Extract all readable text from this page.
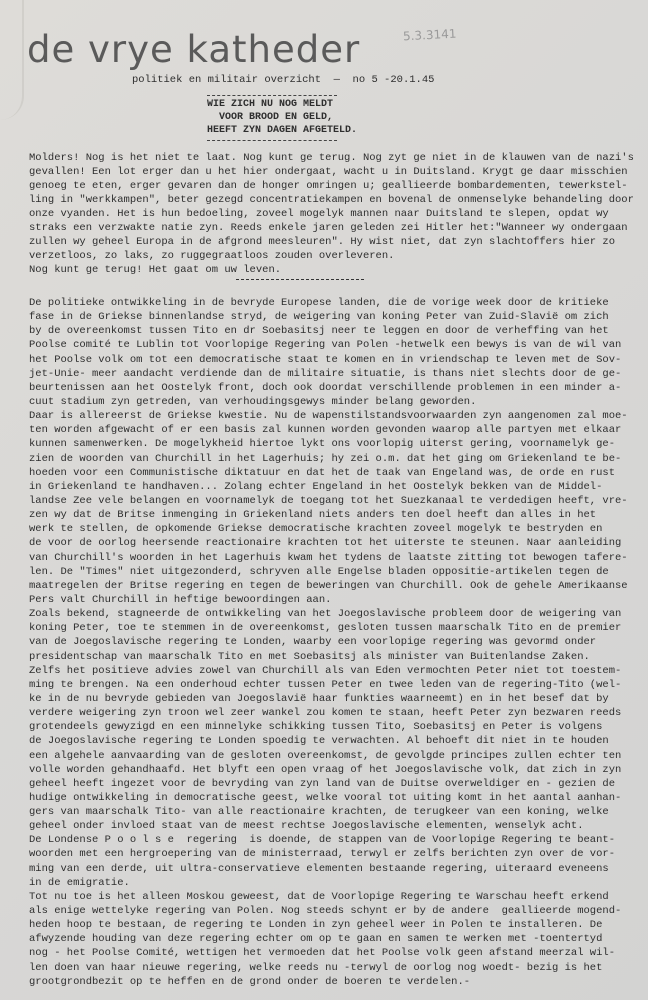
de vrye katheder	5.3.3141
politiek en militair overzicht  —  no 5 -20.1.45
WIE ZICH NU NOG MELDT
VOOR BROOD EN GELD,
HEEFT ZYN DAGEN AFGETELD.
Molders! Nog is het niet te laat. Nog kunt ge terug. Nog zyt ge niet in de klauwen van de nazi's
gevallen! Een lot erger dan u het hier ondergaat, wacht u in Duitsland. Krygt ge daar misschien
genoeg te eten, erger gevaren dan de honger omringen u; geallieerde bombardementen, tewerkstel-
ling in "werkkampen", beter gezegd concentratiekampen en bovenal de onmenselyke behandeling door
onze vyanden. Het is hun bedoeling, zoveel mogelyk mannen naar Duitsland te slepen, opdat wy
straks een verzwakte natie zyn. Reeds enkele jaren geleden zei Hitler het:"Wanneer wy ondergaan
zullen wy geheel Europa in de afgrond meesleuren". Hy wist niet, dat zyn slachtoffers hier zo
verzetloos, zo laks, zo ruggegraatloos zouden overleveren.
Nog kunt ge terug! Het gaat om uw leven.
De politieke ontwikkeling in de bevryde Europese landen, die de vorige week door de kritieke
fase in de Griekse binnenlandse stryd, de weigering van koning Peter van Zuid-Slavië om zich
by de overeenkomst tussen Tito en dr Soebasitsj neer te leggen en door de verheffing van het
Poolse comité te Lublin tot Voorlopige Regering van Polen -hetwelk een bewys is van de wil van
het Poolse volk om tot een democratische staat te komen en in vriendschap te leven met de Sov-
jet-Unie- meer aandacht verdiende dan de militaire situatie, is thans niet slechts door de ge-
beurtenissen aan het Oostelyk front, doch ook doordat verschillende problemen in een minder a-
cuut stadium zyn getreden, van verhoudingsgewys minder belang geworden.
Daar is allereerst de Griekse kwestie. Nu de wapenstilstandsvoorwaarden zyn aangenomen zal moe-
ten worden afgewacht of er een basis zal kunnen worden gevonden waarop alle partyen met elkaar
kunnen samenwerken. De mogelykheid hiertoe lykt ons voorlopig uiterst gering, voornamelyk ge-
zien de woorden van Churchill in het Lagerhuis; hy zei o.m. dat het ging om Griekenland te be-
hoeden voor een Communistische diktatuur en dat het de taak van Engeland was, de orde en rust
in Griekenland te handhaven... Zolang echter Engeland in het Oostelyk bekken van de Middel-
landse Zee vele belangen en voornamelyk de toegang tot het Suezkanaal te verdedigen heeft, vre-
zen wy dat de Britse inmenging in Griekenland niets anders ten doel heeft dan alles in het
werk te stellen, de opkomende Griekse democratische krachten zoveel mogelyk te bestryden en
de voor de oorlog heersende reactionaire krachten tot het uiterste te steunen. Naar aanleiding
van Churchill's woorden in het Lagerhuis kwam het tydens de laatste zitting tot bewogen tafere-
len. De "Times" niet uitgezonderd, schryven alle Engelse bladen oppositie-artikelen tegen de
maatregelen der Britse regering en tegen de beweringen van Churchill. Ook de gehele Amerikaanse
Pers valt Churchill in heftige bewoordingen aan.
Zoals bekend, stagneerde de ontwikkeling van het Joegoslavische probleem door de weigering van
koning Peter, toe te stemmen in de overeenkomst, gesloten tussen maarschalk Tito en de premier
van de Joegoslavische regering te Londen, waarby een voorlopige regering was gevormd onder
presidentschap van maarschalk Tito en met Soebasitsj als minister van Buitenlandse Zaken.
Zelfs het positieve advies zowel van Churchill als van Eden vermochten Peter niet tot toestem-
ming te brengen. Na een onderhoud echter tussen Peter en twee leden van de regering-Tito (wel-
ke in de nu bevryde gebieden van Joegoslavië haar funkties waarneemt) en in het besef dat by
verdere weigering zyn troon wel zeer wankel zou komen te staan, heeft Peter zyn bezwaren reeds
grotendeels gewyzigd en een minnelyke schikking tussen Tito, Soebasitsj en Peter is volgens
de Joegoslavische regering te Londen spoedig te verwachten. Al behoeft dit niet in te houden
een algehele aanvaarding van de gesloten overeenkomst, de gevolgde principes zullen echter ten
volle worden gehandhaafd. Het blyft een open vraag of het Joegoslavische volk, dat zich in zyn
geheel heeft ingezet voor de bevryding van zyn land van de Duitse overweldiger en - gezien de
hudige ontwikkeling in democratische geest, welke vooral tot uiting komt in het aantal aanhan-
gers van maarschalk Tito- van alle reactionaire krachten, de terugkeer van een koning, welke
geheel onder invloed staat van de meest rechtse Joegoslavische elementen, wenselyk acht.
De Londense P o o l s e  regering  is doende, de stappen van de Voorlopige Regering te beant-
woorden met een hergroepering van de ministerraad, terwyl er zelfs berichten zyn over de vor-
ming van een derde, uit ultra-conservatieve elementen bestaande regering, uiteraard eveneens
in de emigratie.
Tot nu toe is het alleen Moskou geweest, dat de Voorlopige Regering te Warschau heeft erkend
als enige wettelyke regering van Polen. Nog steeds schynt er by de andere  geallieerde mogend-
heden hoop te bestaan, de regering te Londen in zyn geheel weer in Polen te installeren. De
afwyzende houding van deze regering echter om op te gaan en samen te werken met -toentertyd
nog - het Poolse Comité, wettigen het vermoeden dat het Poolse volk geen afstand meerzal wil-
len doen van haar nieuwe regering, welke reeds nu -terwyl de oorlog nog woedt- bezig is het
grootgrondbezit op te heffen en de grond onder de boeren te verdelen.-
